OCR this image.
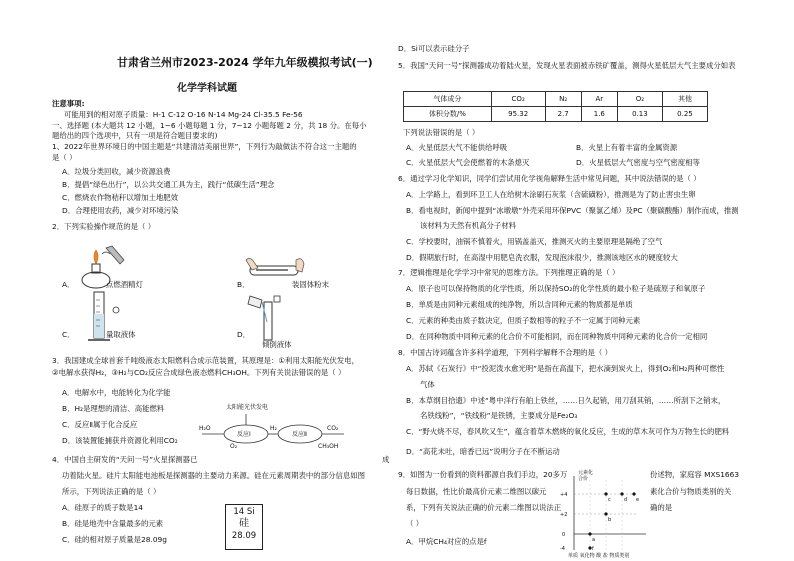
甘肃省兰州市2023-2024 学年九年级模拟考试(一)
化学学科试题
注意事项:
可能用到的相对原子质量：H-1 C-12 O-16 N-14 Mg-24 Cl-35.5 Fe-56
一、选择题 (本大题共 12 小题，1~6 小题每题 1 分，7~12 小题每题 2 分，共 18 分。在每小
题给出的四个选项中，只有一项是符合题目要求的)
1、2022年世界环境日的中国主题是“共建清洁美丽世界”，下列行为敲做法不符合这一主题的
是（ ）
A．垃圾分类回收，减少资源浪费
B．提倡“绿色出行”，以公共交通工具为主，践行“低碳生活”理念
C．燃烧农作物秸秆以增加土地肥效
D．合理使用农药，减少对环境污染
2．下列实验操作规范的是（ ）
A．	点燃酒精灯	B．	装固体粉末
C．	量取液体	D．
倾倒液体
3．我国建成全球首套千吨级液态太阳燃料合成示范装置，其原理是：①利用太阳能光伏发电，
②电解水获得H₂，③H₂与CO₂反应合成绿色液态燃料CH₃OH。下列有关说法错误的是（ ）
A．电解水中，电能转化为化学能
B．H₂是理想的清洁、高能燃料
C．反应Ⅱ属于化合反应
D．该装置能捕获并资源化利用CO₂
太阳能光伏发电
H₂O
反应Ⅰ	反应Ⅱ
O₂
H₂	CO₂
CH₃OH
4．中国自主研发的“天问一号”火星探测器已	成
功着陆火星。硅片太阳能电池板是探测器的主要动力来源。硅在元素周期表中的部分信息如图
所示，下列说法正确的是（ ）
A．硅原子的质子数是14
B．硅是地壳中含量最多的元素
C．硅的相对原子质量是28.09g
14 Si
硅
28.09
D．Si可以表示硅分子
5．我国“天问一号”探测器成功着陆火星，发现火星表面被赤铁矿覆盖，测得火星低层大气主要成分如表
气体成分	CO₂	N₂	Ar	O₂	其他
体积分数/%	95.32	2.7	1.6	0.13	0.25
下列说法错误的是（ ）
A．火星低层大气不能供给呼吸	B．火星上有着丰富的金属资源
C．火星低层大气会使燃着的木条熄灭	D．火星低层大气密度与空气密度相等
6．通过学习化学知识，同学们尝试用化学视角解释生活中常见问题，其中说法错误的是（ ）
A．上学路上，看到环卫工人在给树木涂刷石灰浆（含硫磺粉），推测是为了防止害虫生卵
B．看电视时，新闻中提到“冰墩墩”外壳采用环保PVC（聚氯乙烯）及PC（聚碳酸酯）制作而成，推测
该材料为天然有机高分子材料
C．学校要时，油锅不慎着火，用锅盖盖灭，推测灭火的主要原理是隔绝了空气
D．假期旅行时，在高湿中用肥皂洗衣服，发现泡沫很少，推测该地区水的硬度较大
7．逻辑推理是化学学习中常见的思维方法。下列推理正确的是（ ）
A．原子也可以保持物质的化学性质，所以保持SO₂的化学性质的最小粒子是硫原子和氧原子
B．单质是由同种元素组成的纯净物，所以含同种元素的物质都是单质
C．元素的种类由质子数决定，但质子数相等的粒子不一定属于同种元素
D．在同种物质中同种元素的化合价不可能相同，而在同种物质中同种元素的化合价一定相同
8．中国古诗词蕴含许多科学道理，下列科学解释不合理的是（ ）
A．苏轼《石炭行》中“投泥泼水愈光明”是指在高温下，把水滴到炭火上，得到O₂和H₂两种可燃性
气体
B．本草纲目拾遗》中述“粤中洋行有舶上铁丝，……日久起销，用刀刮其销，……所刮下之销末，
名铁线粉”，“铁线粉”是铁锈，主要成分是Fe₂O₃
C．“野火烧不尽，春风吹又生”，蕴含着草木燃烧的氧化反应，生成的草木灰可作为万物生长的肥料
D．“高花未吐，暗香已远”说明分子在不断运动
9．如图为一份看到的资料都源自我们手边，20多万	份述物，家庭容 MXS1663
每日数据，性比价最高价元素二维图以碳元	素化合价与物质类别的关
系，下列有关说法正确的价元素二维图以说法正	确的是
（ ）
A．甲烷CH₄对应的点是f
元素化
合价
+4
+2
0
-4
a
b
c	d e
f
单质 氧化物 酸 盐 物质类别
